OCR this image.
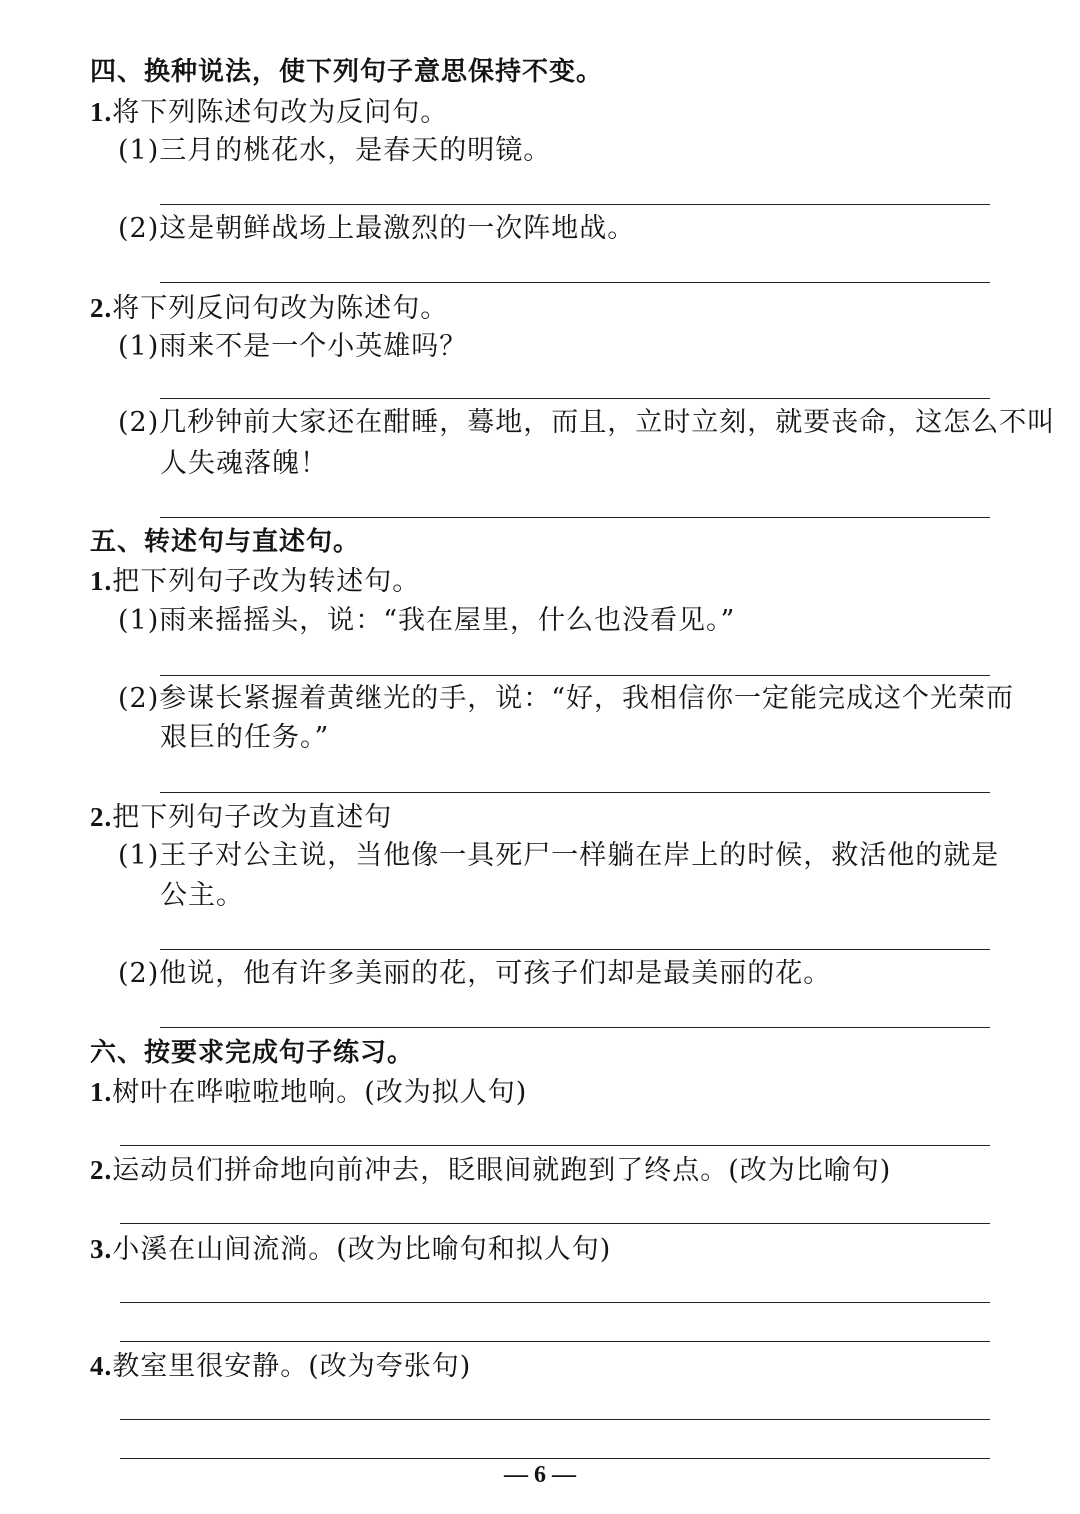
四、换种说法，使下列句子意思保持不变。
1.将下列陈述句改为反问句。
(1)三月的桃花水，是春天的明镜。
(2)这是朝鲜战场上最激烈的一次阵地战。
2.将下列反问句改为陈述句。
(1)雨来不是一个小英雄吗？
(2)几秒钟前大家还在酣睡，蓦地，而且，立时立刻，就要丧命，这怎么不叫
人失魂落魄！
五、转述句与直述句。
1.把下列句子改为转述句。
(1)雨来摇摇头，说：“我在屋里，什么也没看见。”
(2)参谋长紧握着黄继光的手，说：“好，我相信你一定能完成这个光荣而
艰巨的任务。”
2.把下列句子改为直述句
(1)王子对公主说，当他像一具死尸一样躺在岸上的时候，救活他的就是
公主。
(2)他说，他有许多美丽的花，可孩子们却是最美丽的花。
六、按要求完成句子练习。
1.树叶在哗啦啦地响。(改为拟人句)
2.运动员们拼命地向前冲去，眨眼间就跑到了终点。(改为比喻句)
3.小溪在山间流淌。(改为比喻句和拟人句)
4.教室里很安静。(改为夸张句)
— 6 —
